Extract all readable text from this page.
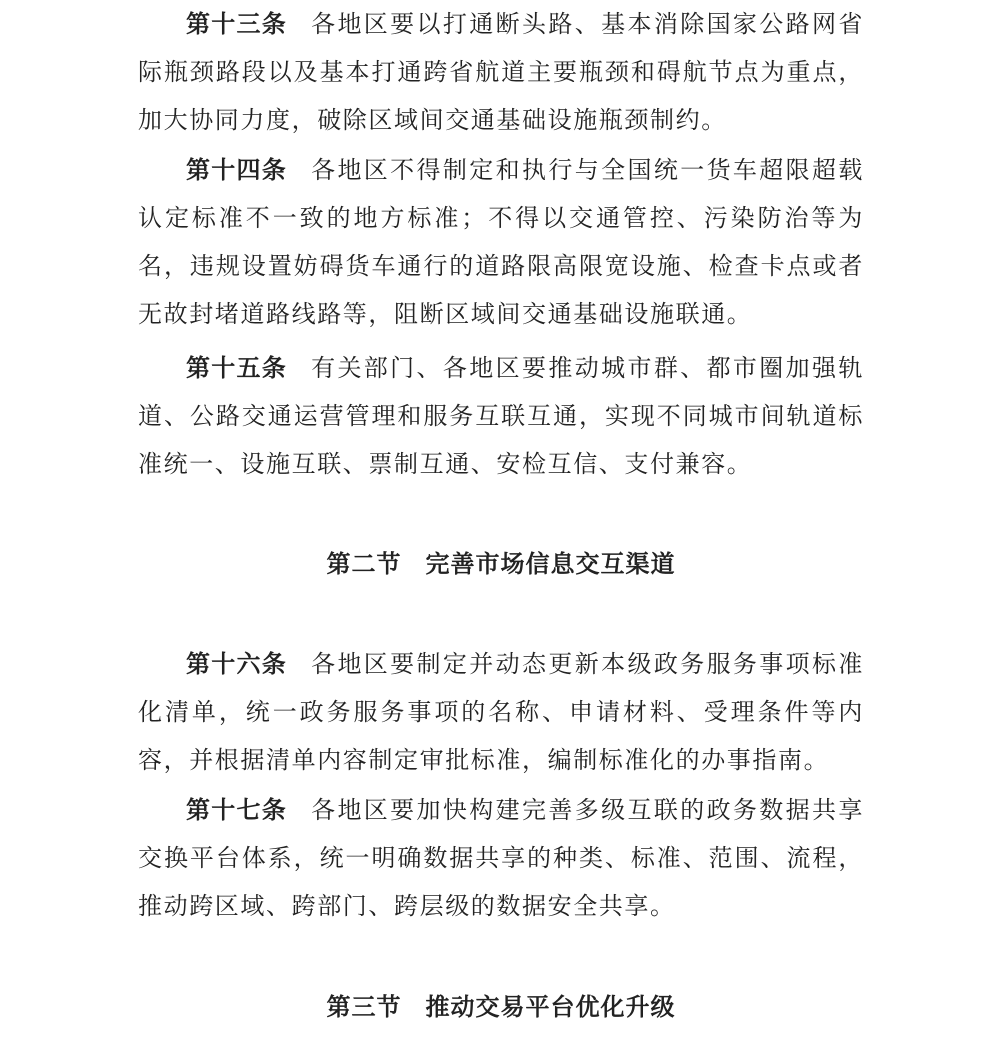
第十三条 各地区要以打通断头路、基本消除国家公路网省际瓶颈路段以及基本打通跨省航道主要瓶颈和碍航节点为重点，加大协同力度，破除区域间交通基础设施瓶颈制约。

第十四条 各地区不得制定和执行与全国统一货车超限超载认定标准不一致的地方标准；不得以交通管控、污染防治等为名，违规设置妨碍货车通行的道路限高限宽设施、检查卡点或者无故封堵道路线路等，阻断区域间交通基础设施联通。

第十五条 有关部门、各地区要推动城市群、都市圈加强轨道、公路交通运营管理和服务互联互通，实现不同城市间轨道标准统一、设施互联、票制互通、安检互信、支付兼容。

第二节 完善市场信息交互渠道

第十六条 各地区要制定并动态更新本级政务服务事项标准化清单，统一政务服务事项的名称、申请材料、受理条件等内容，并根据清单内容制定审批标准，编制标准化的办事指南。

第十七条 各地区要加快构建完善多级互联的政务数据共享交换平台体系，统一明确数据共享的种类、标准、范围、流程，推动跨区域、跨部门、跨层级的数据安全共享。

第三节 推动交易平台优化升级
